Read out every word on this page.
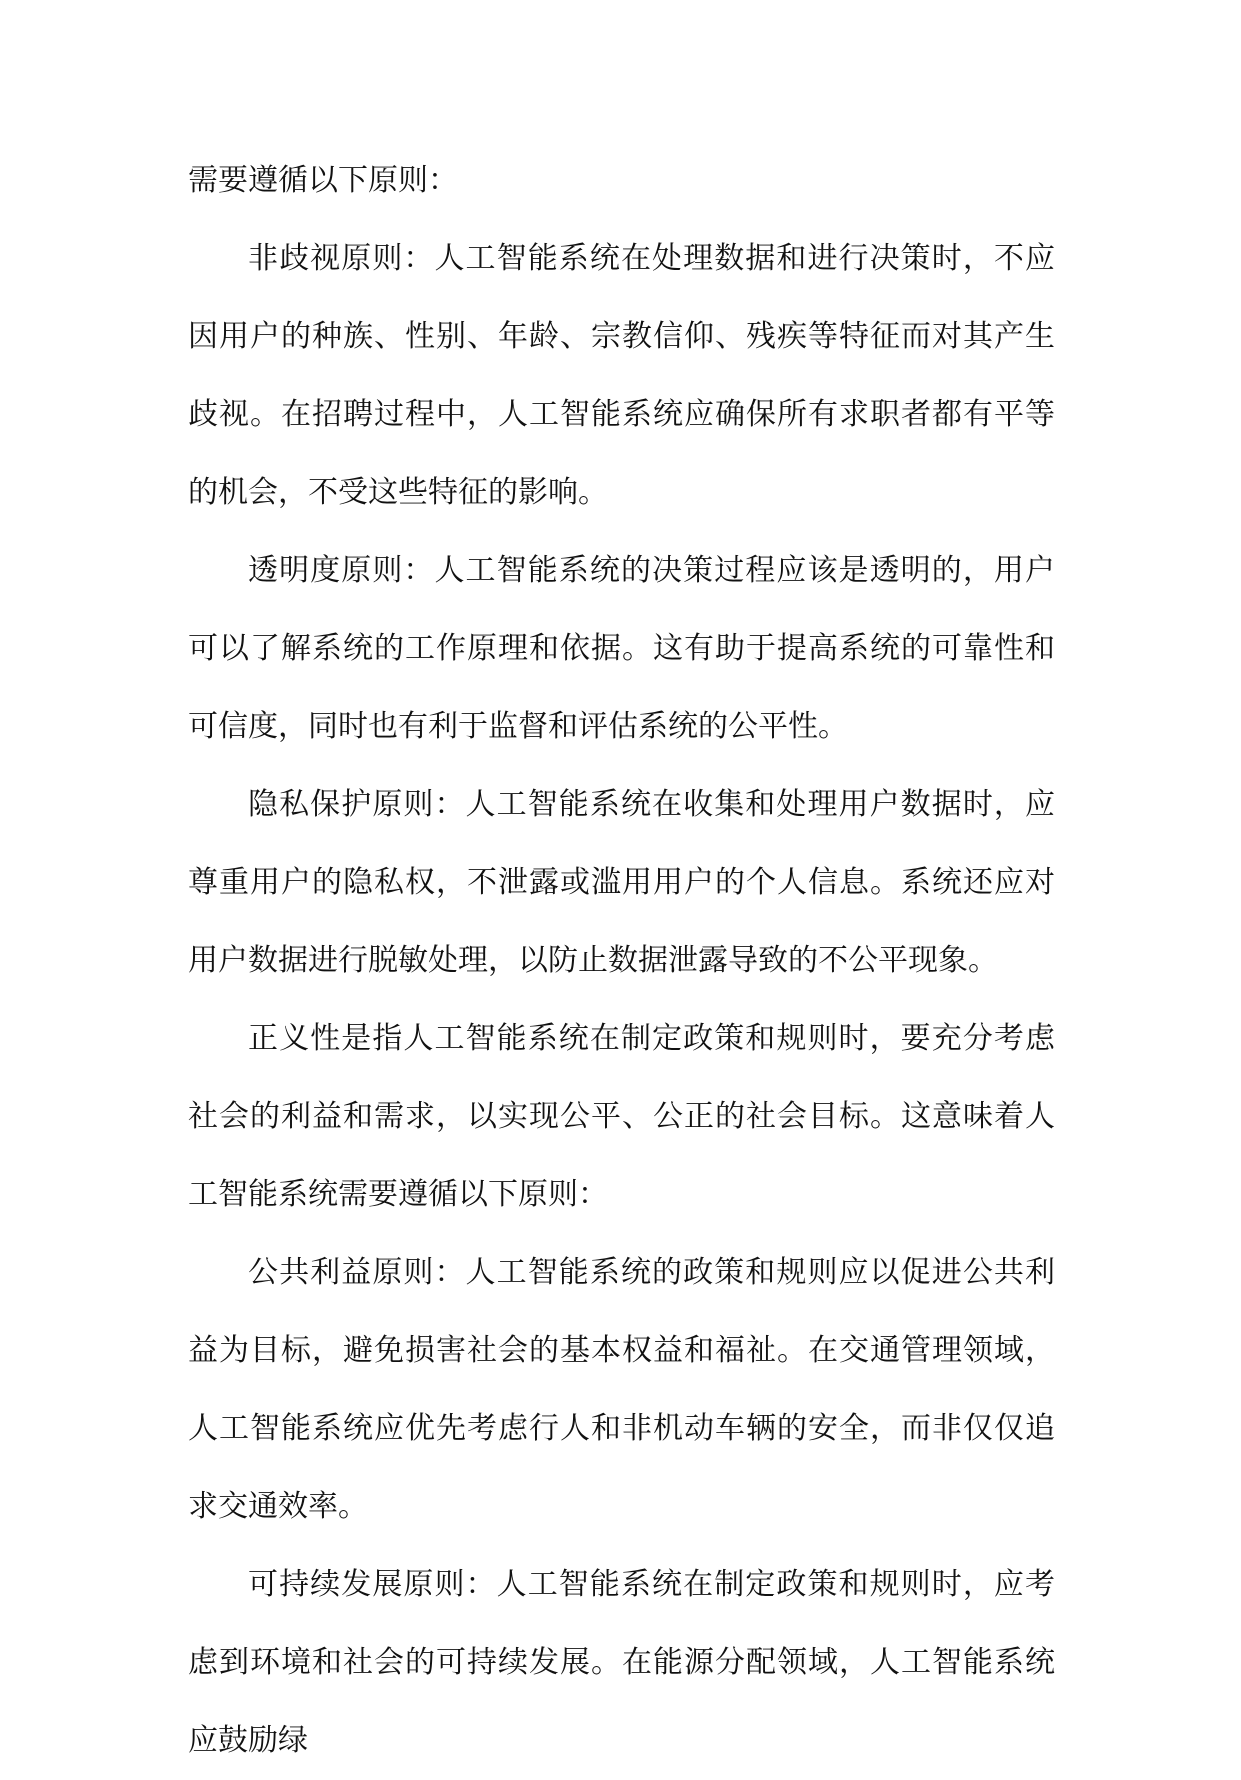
需要遵循以下原则：

非歧视原则：人工智能系统在处理数据和进行决策时，不应因用户的种族、性别、年龄、宗教信仰、残疾等特征而对其产生歧视。在招聘过程中，人工智能系统应确保所有求职者都有平等的机会，不受这些特征的影响。

透明度原则：人工智能系统的决策过程应该是透明的，用户可以了解系统的工作原理和依据。这有助于提高系统的可靠性和可信度，同时也有利于监督和评估系统的公平性。

隐私保护原则：人工智能系统在收集和处理用户数据时，应尊重用户的隐私权，不泄露或滥用用户的个人信息。系统还应对用户数据进行脱敏处理，以防止数据泄露导致的不公平现象。

正义性是指人工智能系统在制定政策和规则时，要充分考虑社会的利益和需求，以实现公平、公正的社会目标。这意味着人工智能系统需要遵循以下原则：

公共利益原则：人工智能系统的政策和规则应以促进公共利益为目标，避免损害社会的基本权益和福祉。在交通管理领域，人工智能系统应优先考虑行人和非机动车辆的安全，而非仅仅追求交通效率。

可持续发展原则：人工智能系统在制定政策和规则时，应考虑到环境和社会的可持续发展。在能源分配领域，人工智能系统应鼓励绿
